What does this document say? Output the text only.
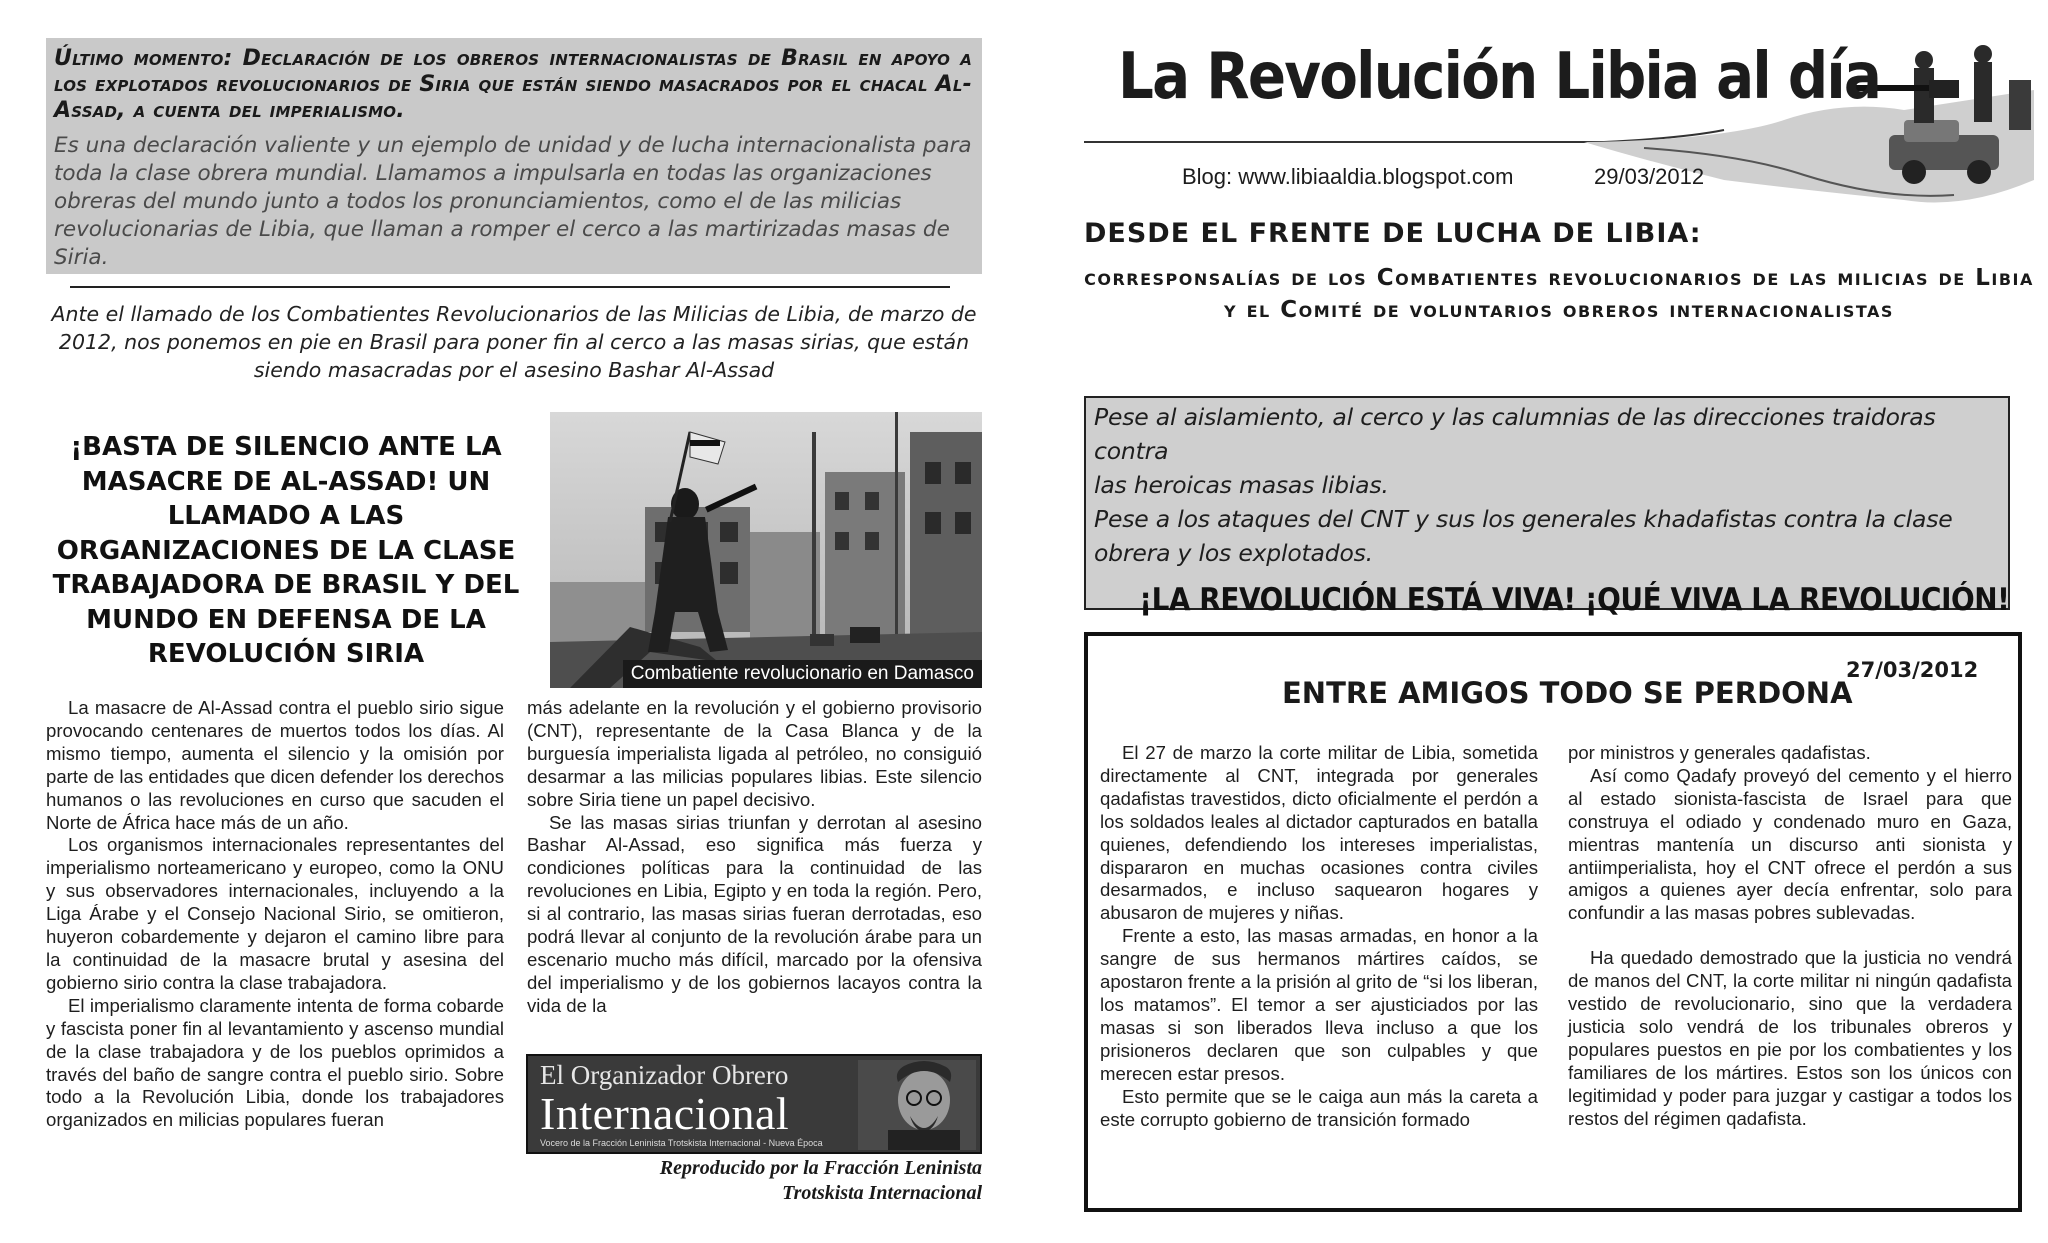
Último momento: Declaración de los obreros internacionalistas de Brasil en apoyo a los explotados revolucionarios de Siria que están siendo masacrados por el chacal Al-Assad, a cuenta del imperialismo.

Es una declaración valiente y un ejemplo de unidad y de lucha internacionalista para toda la clase obrera mundial. Llamamos a impulsarla en todas las organizaciones obreras del mundo junto a todos los pronunciamientos, como el de las milicias revolucionarias de Libia, que llaman a romper el cerco a las martirizadas masas de Siria.

Ante el llamado de los Combatientes Revolucionarios de las Milicias de Libia, de marzo de 2012, nos ponemos en pie en Brasil para poner fin al cerco a las masas sirias, que están siendo masacradas por el asesino Bashar Al-Assad

¡BASTA DE SILENCIO ANTE LA MASACRE DE AL-ASSAD! UN LLAMADO A LAS ORGANIZACIONES DE LA CLASE TRABAJADORA DE BRASIL Y DEL MUNDO EN DEFENSA DE LA REVOLUCIÓN SIRIA

Combatiente revolucionario en Damasco

La masacre de Al-Assad contra el pueblo sirio sigue provocando centenares de muertos todos los días. Al mismo tiempo, aumenta el silencio y la omisión por parte de las entidades que dicen defender los derechos humanos o las revoluciones en curso que sacuden el Norte de África hace más de un año.

Los organismos internacionales representantes del imperialismo norteamericano y europeo, como la ONU y sus observadores internacionales, incluyendo a la Liga Árabe y el Consejo Nacional Sirio, se omitieron, huyeron cobardemente y dejaron el camino libre para la continuidad de la masacre brutal y asesina del gobierno sirio contra la clase trabajadora.

El imperialismo claramente intenta de forma cobarde y fascista poner fin al levantamiento y ascenso mundial de la clase trabajadora y de los pueblos oprimidos a través del baño de sangre contra el pueblo sirio. Sobre todo a la Revolución Libia, donde los trabajadores organizados en milicias populares fueran

más adelante en la revolución y el gobierno provisorio (CNT), representante de la Casa Blanca y de la burguesía imperialista ligada al petróleo, no consiguió desarmar a las milicias populares libias. Este silencio sobre Siria tiene un papel decisivo.

Se las masas sirias triunfan y derrotan al asesino Bashar Al-Assad, eso significa más fuerza y condiciones políticas para la continuidad de las revoluciones en Libia, Egipto y en toda la región. Pero, si al contrario, las masas sirias fueran derrotadas, eso podrá llevar al conjunto de la revolución árabe para un escenario mucho más difícil, marcado por la ofensiva del imperialismo y de los gobiernos lacayos contra la vida de la

El Organizador Obrero
Internacional
Vocero de la Fracción Leninista Trotskista Internacional - Nueva Época
Reproducido por la Fracción Leninista
Trotskista Internacional

La Revolución Libia al día

Blog: www.libiaaldia.blogspot.com	29/03/2012

DESDE EL FRENTE DE LUCHA DE LIBIA:

corresponsalías de los Combatientes revolucionarios de las milicias de Libia y el Comité de voluntarios obreros internacionalistas

Pese al aislamiento, al cerco y las calumnias de las direcciones traidoras contra

las heroicas masas libias.

Pese a los ataques del CNT y sus los generales khadafistas contra la clase

obrera y los explotados.

¡LA REVOLUCIÓN ESTÁ VIVA! ¡QUÉ VIVA LA REVOLUCIÓN!

27/03/2012

ENTRE AMIGOS TODO SE PERDONA

El 27 de marzo la corte militar de Libia, sometida directamente al CNT, integrada por generales qadafistas travestidos, dicto oficialmente el perdón a los soldados leales al dictador capturados en batalla quienes, defendiendo los intereses imperialistas, dispararon en muchas ocasiones contra civiles desarmados, e incluso saquearon hogares y abusaron de mujeres y niñas.

Frente a esto, las masas armadas, en honor a la sangre de sus hermanos mártires caídos, se apostaron frente a la prisión al grito de “si los liberan, los matamos”. El temor a ser ajusticiados por las masas si son liberados lleva incluso a que los prisioneros declaren que son culpables y que merecen estar presos.

Esto permite que se le caiga aun más la careta a este corrupto gobierno de transición formado

por ministros y generales qadafistas.

Así como Qadafy proveyó del cemento y el hierro al estado sionista-fascista de Israel para que construya el odiado y condenado muro en Gaza, mientras mantenía un discurso anti sionista y antiimperialista, hoy el CNT ofrece el perdón a sus amigos a quienes ayer decía enfrentar, solo para confundir a las masas pobres sublevadas.

Ha quedado demostrado que la justicia no vendrá de manos del CNT, la corte militar ni ningún qadafista vestido de revolucionario, sino que la verdadera justicia solo vendrá de los tribunales obreros y populares puestos en pie por los combatientes y los familiares de los mártires. Estos son los únicos con legitimidad y poder para juzgar y castigar a todos los restos del régimen qadafista.
